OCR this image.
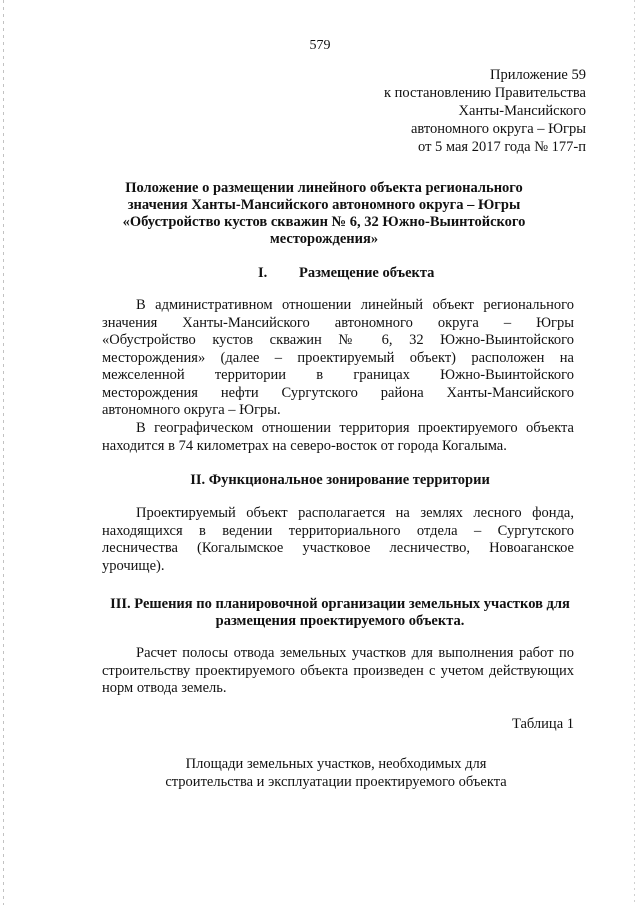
579
Приложение 59
к постановлению Правительства
Ханты-Мансийского
автономного округа – Югры
от 5 мая 2017 года № 177-п
Положение о размещении линейного объекта регионального
значения Ханты-Мансийского автономного округа – Югры
«Обустройство кустов скважин № 6, 32 Южно-Выинтойского
месторождения»
I. Размещение объекта
В административном отношении линейный объект регионального
значения Ханты-Мансийского автономного округа – Югры
«Обустройство кустов скважин № 6, 32 Южно-Выинтойского
месторождения» (далее – проектируемый объект) расположен на
межселенной территории в границах Южно-Выинтойского
месторождения нефти Сургутского района Ханты-Мансийского
автономного округа – Югры.
В географическом отношении территория проектируемого объекта
находится в 74 километрах на северо-восток от города Когалыма.
II. Функциональное зонирование территории
Проектируемый объект располагается на землях лесного фонда,
находящихся в ведении территориального отдела – Сургутского
лесничества (Когалымское участковое лесничество, Новоаганское
урочище).
III. Решения по планировочной организации земельных участков для
размещения проектируемого объекта.
Расчет полосы отвода земельных участков для выполнения работ по
строительству проектируемого объекта произведен с учетом действующих
норм отвода земель.
Таблица 1
Площади земельных участков, необходимых для
строительства и эксплуатации проектируемого объекта
